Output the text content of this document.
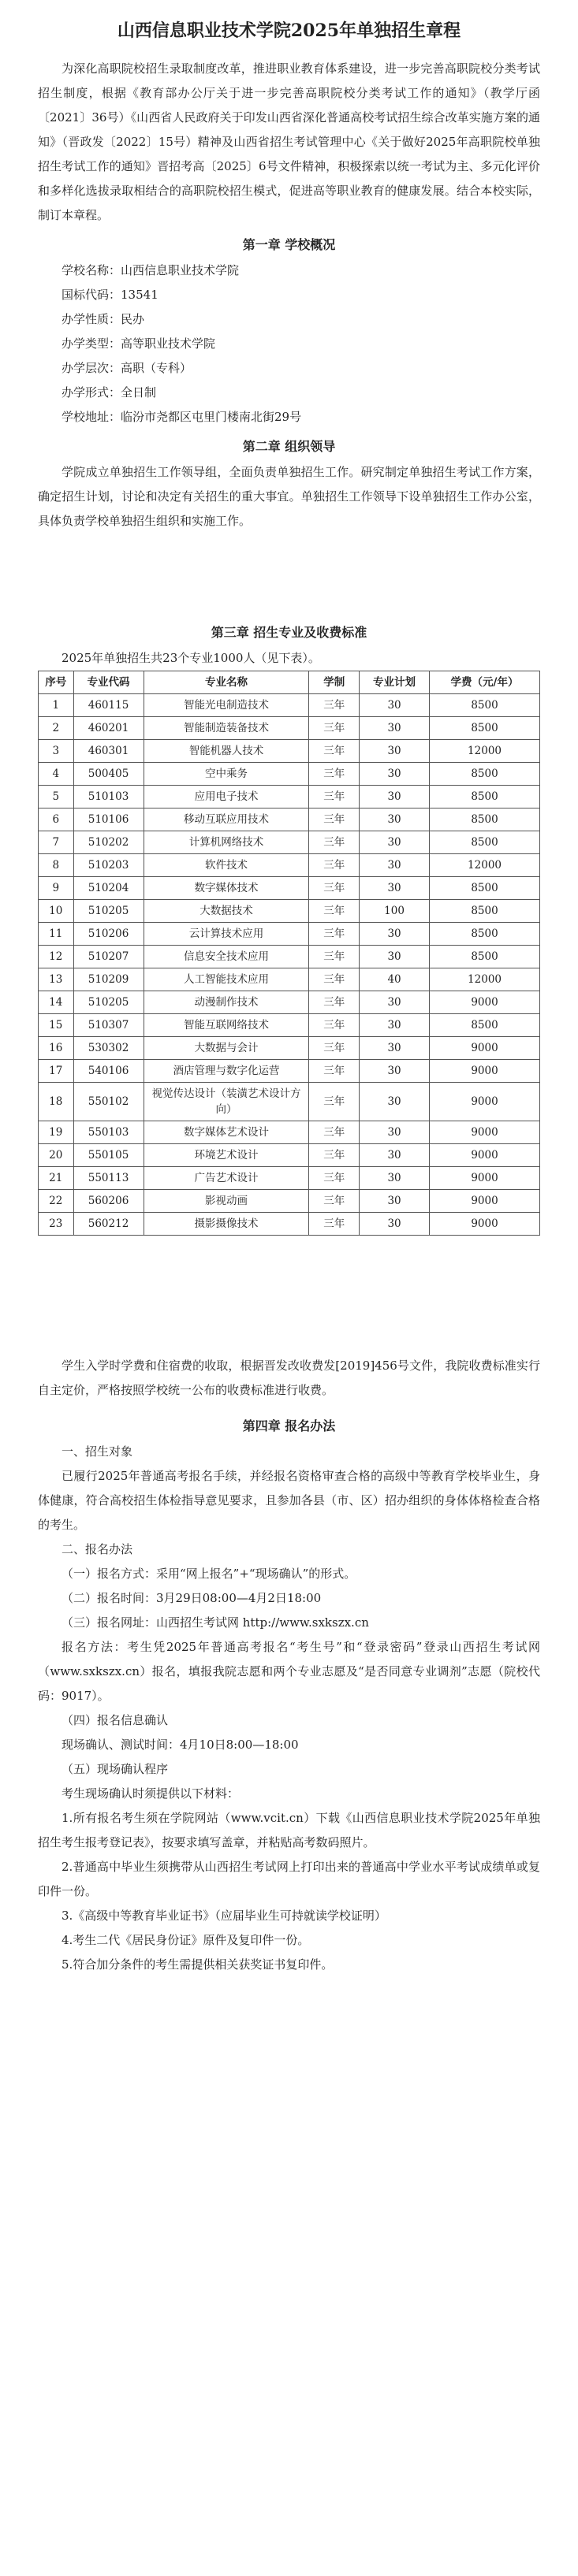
山西信息职业技术学院2025年单独招生章程

为深化高职院校招生录取制度改革，推进职业教育体系建设，进一步完善高职院校分类考试招生制度，根据《教育部办公厅关于进一步完善高职院校分类考试工作的通知》（教学厅函〔2021〕36号）《山西省人民政府关于印发山西省深化普通高校考试招生综合改革实施方案的通知》（晋政发〔2022〕15号）精神及山西省招生考试管理中心《关于做好2025年高职院校单独招生考试工作的通知》晋招考高〔2025〕6号文件精神，积极探索以统一考试为主、多元化评价和多样化选拔录取相结合的高职院校招生模式，促进高等职业教育的健康发展。结合本校实际，制订本章程。

第一章 学校概况
学校名称：山西信息职业技术学院
国标代码：13541
办学性质：民办
办学类型：高等职业技术学院
办学层次：高职（专科）
办学形式：全日制
学校地址：临汾市尧都区屯里门楼南北街29号
第二章 组织领导

学院成立单独招生工作领导组，全面负责单独招生工作。研究制定单独招生考试工作方案，确定招生计划，讨论和决定有关招生的重大事宜。单独招生工作领导下设单独招生工作办公室，具体负责学校单独招生组织和实施工作。

第三章 招生专业及收费标准

2025年单独招生共23个专业1000人（见下表）。

序号	专业代码	专业名称	学制	专业计划	学费（元/年）
1	460115	智能光电制造技术	三年	30	8500
2	460201	智能制造装备技术	三年	30	8500
3	460301	智能机器人技术	三年	30	12000
4	500405	空中乘务	三年	30	8500
5	510103	应用电子技术	三年	30	8500
6	510106	移动互联应用技术	三年	30	8500
7	510202	计算机网络技术	三年	30	8500
8	510203	软件技术	三年	30	12000
9	510204	数字媒体技术	三年	30	8500
10	510205	大数据技术	三年	100	8500
11	510206	云计算技术应用	三年	30	8500
12	510207	信息安全技术应用	三年	30	8500
13	510209	人工智能技术应用	三年	40	12000
14	510205	动漫制作技术	三年	30	9000
15	510307	智能互联网络技术	三年	30	8500
16	530302	大数据与会计	三年	30	9000
17	540106	酒店管理与数字化运营	三年	30	9000
18	550102	视觉传达设计（装潢艺术设计方向）	三年	30	9000
19	550103	数字媒体艺术设计	三年	30	9000
20	550105	环境艺术设计	三年	30	9000
21	550113	广告艺术设计	三年	30	9000
22	560206	影视动画	三年	30	9000
23	560212	摄影摄像技术	三年	30	9000

学生入学时学费和住宿费的收取，根据晋发改收费发[2019]456号文件，我院收费标准实行自主定价，严格按照学校统一公布的收费标准进行收费。

第四章 报名办法

一、招生对象

已履行2025年普通高考报名手续，并经报名资格审查合格的高级中等教育学校毕业生，身体健康，符合高校招生体检指导意见要求，且参加各县（市、区）招办组织的身体体格检查合格的考生。

二、报名办法

（一）报名方式：采用“网上报名”+“现场确认”的形式。

（二）报名时间：3月29日08:00—4月2日18:00

（三）报名网址：山西招生考试网 http://www.sxkszx.cn

报名方法：考生凭2025年普通高考报名“考生号”和“登录密码”登录山西招生考试网（www.sxkszx.cn）报名，填报我院志愿和两个专业志愿及“是否同意专业调剂”志愿（院校代码：9017）。

（四）报名信息确认

现场确认、测试时间：4月10日8:00—18:00

（五）现场确认程序

考生现场确认时须提供以下材料：

1.所有报名考生须在学院网站（www.vcit.cn）下载《山西信息职业技术学院2025年单独招生考生报考登记表》，按要求填写盖章，并粘贴高考数码照片。

2.普通高中毕业生须携带从山西招生考试网上打印出来的普通高中学业水平考试成绩单或复印件一份。

3.《高级中等教育毕业证书》（应届毕业生可持就读学校证明）

4.考生二代《居民身份证》原件及复印件一份。

5.符合加分条件的考生需提供相关获奖证书复印件。
